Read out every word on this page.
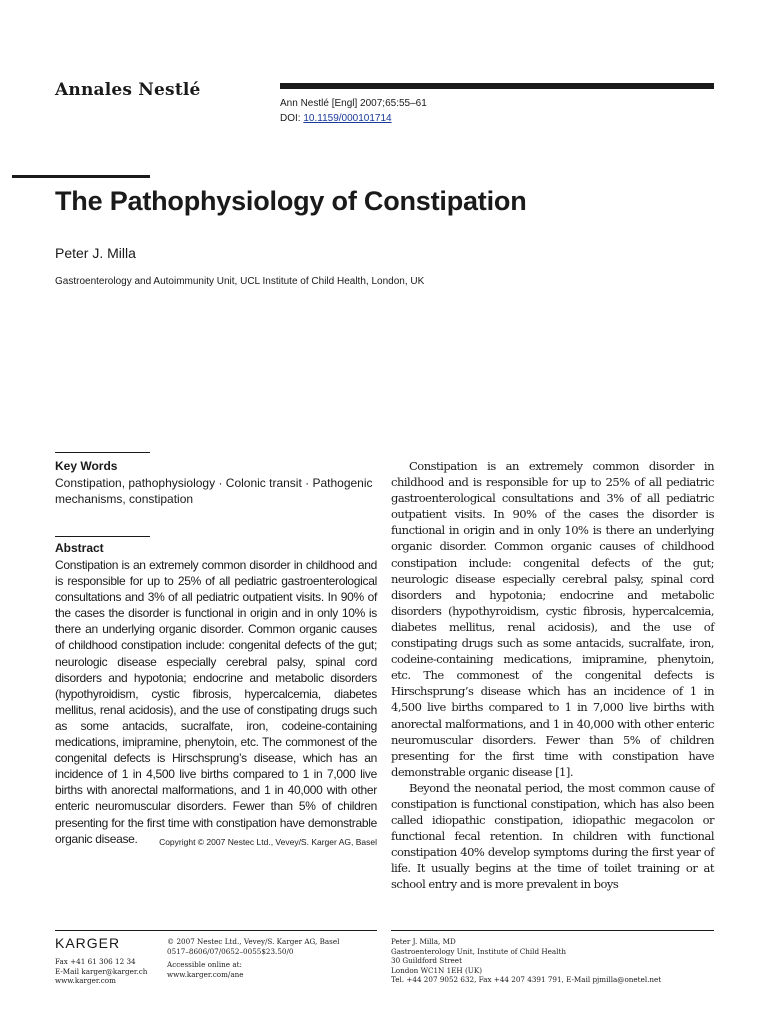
Annales Nestlé
Ann Nestlé [Engl] 2007;65:55–61
DOI: 10.1159/000101714
The Pathophysiology of Constipation
Peter J. Milla
Gastroenterology and Autoimmunity Unit, UCL Institute of Child Health, London, UK
Key Words
Constipation, pathophysiology · Colonic transit · Pathogenic mechanisms, constipation
Abstract
Constipation is an extremely common disorder in childhood and is responsible for up to 25% of all pediatric gastroenterological consultations and 3% of all pediatric outpatient visits. In 90% of the cases the disorder is functional in origin and in only 10% is there an underlying organic disorder. Common organic causes of childhood constipation include: congenital defects of the gut; neurologic disease especially cerebral palsy, spinal cord disorders and hypotonia; endocrine and metabolic disorders (hypothyroidism, cystic fibrosis, hypercalcemia, diabetes mellitus, renal acidosis), and the use of constipating drugs such as some antacids, sucralfate, iron, codeine-containing medications, imipramine, phenytoin, etc. The commonest of the congenital defects is Hirschsprung’s disease, which has an incidence of 1 in 4,500 live births compared to 1 in 7,000 live births with anorectal malformations, and 1 in 40,000 with other enteric neuromuscular disorders. Fewer than 5% of children presenting for the first time with constipation have demonstrable organic disease.	Copyright © 2007 Nestec Ltd., Vevey/S. Karger AG, Basel

Constipation is an extremely common disorder in childhood and is responsible for up to 25% of all pediatric gastroenterological consultations and 3% of all pediatric outpatient visits. In 90% of the cases the disorder is functional in origin and in only 10% is there an underlying organic disorder. Common organic causes of childhood constipation include: congenital defects of the gut; neurologic disease especially cerebral palsy, spinal cord disorders and hypotonia; endocrine and metabolic disorders (hypothyroidism, cystic fibrosis, hypercalcemia, diabetes mellitus, renal acidosis), and the use of constipating drugs such as some antacids, sucralfate, iron, codeine-containing medications, imipramine, phenytoin, etc. The commonest of the congenital defects is Hirschsprung’s disease which has an incidence of 1 in 4,500 live births compared to 1 in 7,000 live births with anorectal malformations, and 1 in 40,000 with other enteric neuromuscular disorders. Fewer than 5% of children presenting for the first time with constipation have demonstrable organic disease [1].

Beyond the neonatal period, the most common cause of constipation is functional constipation, which has also been called idiopathic constipation, idiopathic megacolon or functional fecal retention. In children with functional constipation 40% develop symptoms during the first year of life. It usually begins at the time of toilet training or at school entry and is more prevalent in boys

KARGER
Fax +41 61 306 12 34
E-Mail karger@karger.ch
www.karger.com
© 2007 Nestec Ltd., Vevey/S. Karger AG, Basel
0517–8606/07/0652–0055$23.50/0
Accessible online at:
www.karger.com/ane
Peter J. Milla, MD
Gastroenterology Unit, Institute of Child Health
30 Guildford Street
London WC1N 1EH (UK)
Tel. +44 207 9052 632, Fax +44 207 4391 791, E-Mail pjmilla@onetel.net
